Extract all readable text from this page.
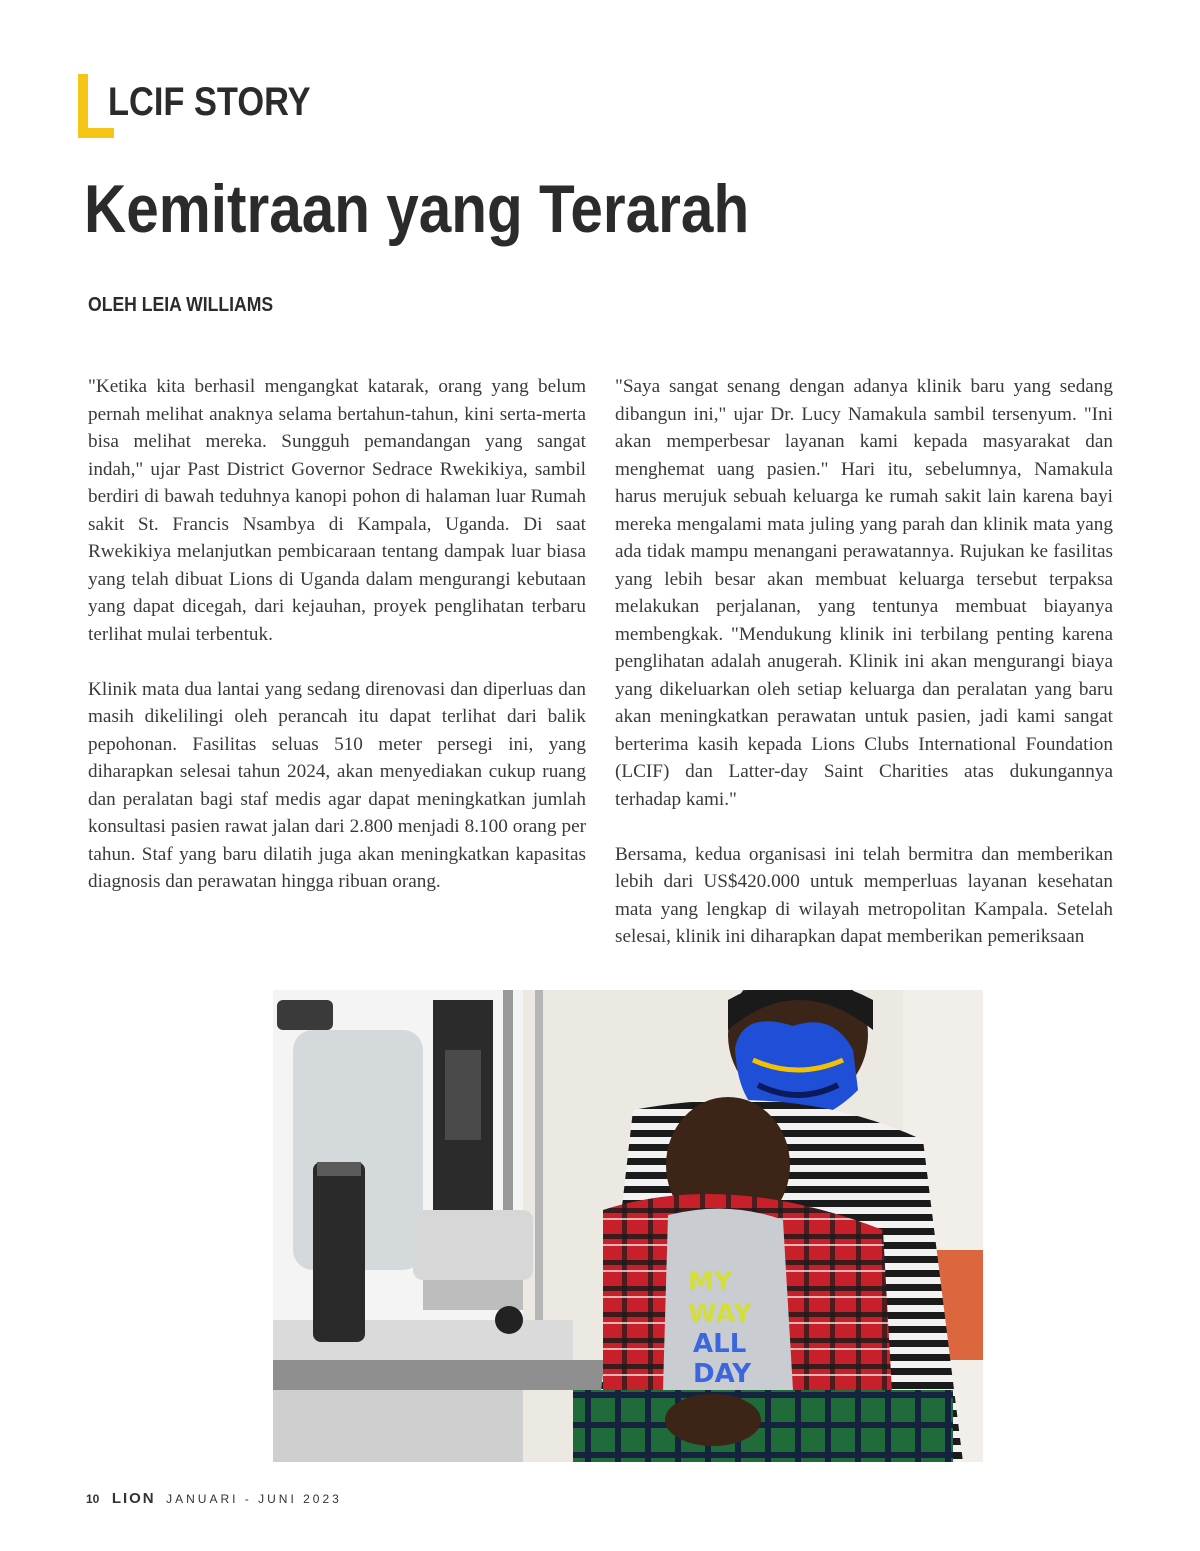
LCIF STORY
Kemitraan yang Terarah
OLEH LEIA WILLIAMS

"Ketika kita berhasil mengangkat katarak, orang yang belum pernah melihat anaknya selama bertahun-tahun, kini serta-merta bisa melihat mereka. Sungguh pemandangan yang sangat indah," ujar Past District Governor Sedrace Rwekikiya, sambil berdiri di bawah teduhnya kanopi pohon di halaman luar Rumah sakit St. Francis Nsambya di Kampala, Uganda. Di saat Rwekikiya melanjutkan pembicaraan tentang dampak luar biasa yang telah dibuat Lions di Uganda dalam mengurangi kebutaan yang dapat dicegah, dari kejauhan, proyek penglihatan terbaru terlihat mulai terbentuk.

Klinik mata dua lantai yang sedang direnovasi dan diperluas dan masih dikelilingi oleh perancah itu dapat terlihat dari balik pepohonan. Fasilitas seluas 510 meter persegi ini, yang diharapkan selesai tahun 2024, akan menyediakan cukup ruang dan peralatan bagi staf medis agar dapat meningkatkan jumlah konsultasi pasien rawat jalan dari 2.800 menjadi 8.100 orang per tahun. Staf yang baru dilatih juga akan meningkatkan kapasitas diagnosis dan perawatan hingga ribuan orang.

"Saya sangat senang dengan adanya klinik baru yang sedang dibangun ini," ujar Dr. Lucy Namakula sambil tersenyum. "Ini akan memperbesar layanan kami kepada masyarakat dan menghemat uang pasien." Hari itu, sebelumnya, Namakula harus merujuk sebuah keluarga ke rumah sakit lain karena bayi mereka mengalami mata juling yang parah dan klinik mata yang ada tidak mampu menangani perawatannya. Rujukan ke fasilitas yang lebih besar akan membuat keluarga tersebut terpaksa melakukan perjalanan, yang tentunya membuat biayanya membengkak. "Mendukung klinik ini terbilang penting karena penglihatan adalah anugerah. Klinik ini akan mengurangi biaya yang dikeluarkan oleh setiap keluarga dan peralatan yang baru akan meningkatkan perawatan untuk pasien, jadi kami sangat berterima kasih kepada Lions Clubs International Foundation (LCIF) dan Latter-day Saint Charities atas dukungannya terhadap kami."

Bersama, kedua organisasi ini telah bermitra dan memberikan lebih dari US$420.000 untuk memperluas layanan kesehatan mata yang lengkap di wilayah metropolitan Kampala. Setelah selesai, klinik ini diharapkan dapat memberikan pemeriksaan

MY
WAY
ALL
DAY
10 LION JANUARI - JUNI 2023
